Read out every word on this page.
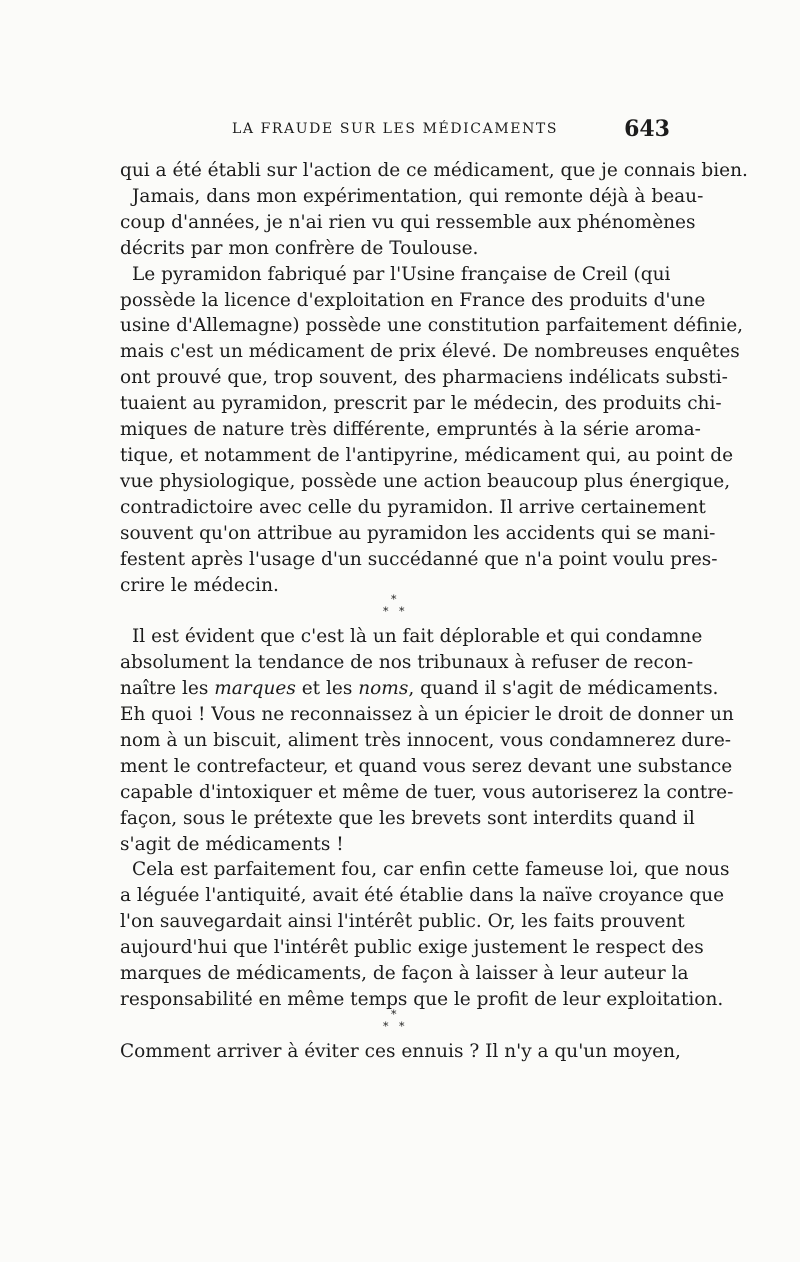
LA FRAUDE SUR LES MÉDICAMENTS	643
qui a été établi sur l'action de ce médicament, que je connais bien.
Jamais, dans mon expérimentation, qui remonte déjà à beau-
coup d'années, je n'ai rien vu qui ressemble aux phénomènes
décrits par mon confrère de Toulouse.
Le pyramidon fabriqué par l'Usine française de Creil (qui
possède la licence d'exploitation en France des produits d'une
usine d'Allemagne) possède une constitution parfaitement définie,
mais c'est un médicament de prix élevé. De nombreuses enquêtes
ont prouvé que, trop souvent, des pharmaciens indélicats substi-
tuaient au pyramidon, prescrit par le médecin, des produits chi-
miques de nature très différente, empruntés à la série aroma-
tique, et notamment de l'antipyrine, médicament qui, au point de
vue physiologique, possède une action beaucoup plus énergique,
contradictoire avec celle du pyramidon. Il arrive certainement
souvent qu'on attribue au pyramidon les accidents qui se mani-
festent après l'usage d'un succédanné que n'a point voulu pres-
crire le médecin.
*
* *
Il est évident que c'est là un fait déplorable et qui condamne
absolument la tendance de nos tribunaux à refuser de recon-
naître les marques et les noms, quand il s'agit de médicaments.
Eh quoi ! Vous ne reconnaissez à un épicier le droit de donner un
nom à un biscuit, aliment très innocent, vous condamnerez dure-
ment le contrefacteur, et quand vous serez devant une substance
capable d'intoxiquer et même de tuer, vous autoriserez la contre-
façon, sous le prétexte que les brevets sont interdits quand il
s'agit de médicaments !
Cela est parfaitement fou, car enfin cette fameuse loi, que nous
a léguée l'antiquité, avait été établie dans la naïve croyance que
l'on sauvegardait ainsi l'intérêt public. Or, les faits prouvent
aujourd'hui que l'intérêt public exige justement le respect des
marques de médicaments, de façon à laisser à leur auteur la
responsabilité en même temps que le profit de leur exploitation.
*
* *
Comment arriver à éviter ces ennuis ? Il n'y a qu'un moyen,
